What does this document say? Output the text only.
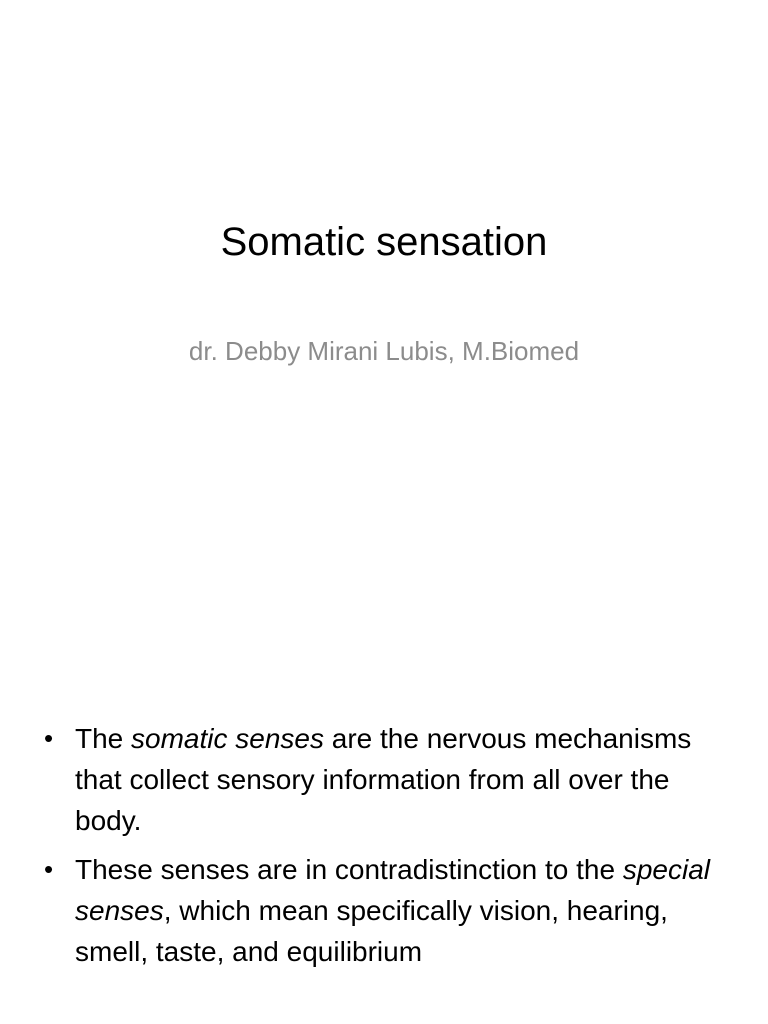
Somatic sensation
dr. Debby Mirani Lubis, M.Biomed
• The somatic senses are the nervous mechanisms that collect sensory information from all over the body.
• These senses are in contradistinction to the special senses, which mean specifically vision, hearing, smell, taste, and equilibrium
